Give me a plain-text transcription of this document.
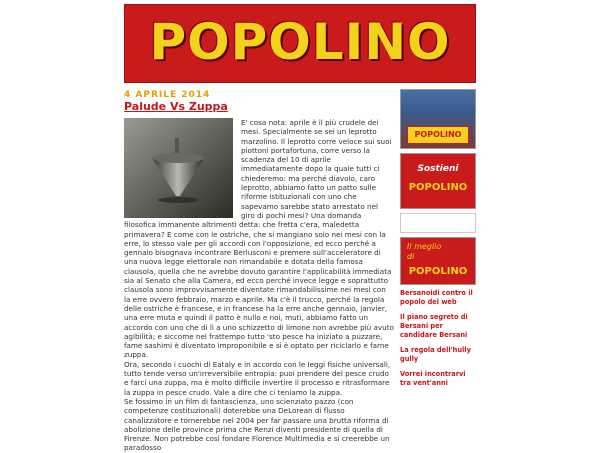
POPOLINO
4 APRILE 2014
Palude Vs Zuppa

E' cosa nota: aprile è il più crudele dei mesi. Specialmente se sei un leprotto marzolino. Il leprotto corre veloce sui suoi piottoni portafortuna, corre verso la scadenza del 10 di aprile immediatamente dopo la quale tutti ci chiederemo: ma perché diavolo, caro leprotto, abbiamo fatto un patto sulle riforme istituzionali con uno che sapevamo sarebbe stato arrestato nel giro di pochi mesi? Una domanda filosofica immanente altrimenti detta: che fretta c'era, maledetta primavera? E come con le ostriche, che si mangiano solo nei mesi con la erre, lo stesso vale per gli accordi con l'opposizione, ed ecco perché a gennaio bisognava incontrare Berlusconi e premere sull'acceleratore di una nuova legge elettorale non rimandabile e dotata della famosa clausola, quella che ne avrebbe dovuto garantire l'applicabilità immediata sia al Senato che alla Camera, ed ecco perché invece legge e soprattutto clausola sono improvvisamente diventate rimandabilissime nei mesi con la erre ovvero febbraio, marzo e aprile. Ma c'è il trucco, perché la regola delle ostriche è francese, e in francese ha la erre anche gennaio, janvier, una erre muta e quindi il patto è nullo e noi, muti, abbiamo fatto un accordo con uno che di lì a uno schizzetto di limone non avrebbe più avuto agibilità; e siccome nel frattempo tutto 'sto pesce ha iniziato a puzzare, fame sashimi è diventato improponibile e si è optato per riciclarlo e farne zuppa.

Ora, secondo i cuochi di Eataly e in accordo con le leggi fisiche universali, tutto tende verso un'irreversibile entropia: puoi prendere del pesce crudo e farci una zuppa, ma è molto difficile invertire il processo e ritrasformare la zuppa in pesce crudo. Vale a dire che ci teniamo la zuppa.

Se fossimo in un film di fantascienza, uno scienziato pazzo (con competenze costituzionali) doterebbe una DeLorean di flusso canalizzatore e tornerebbe nel 2004 per far passare una brutta riforma di abolizione delle province prima che Renzi diventi presidente di quella di Firenze. Non potrebbe così fondare Florence Multimedia e si creerebbe un paradosso

POPOLINO
Sostieni
POPOLINO
Il meglio
di
POPOLINO
Bersanoidi contro il popolo del web
Il piano segreto di Bersani per candidare Bersani
La regola dell'hully gully
Vorrei incontrarvi tra vent'anni
